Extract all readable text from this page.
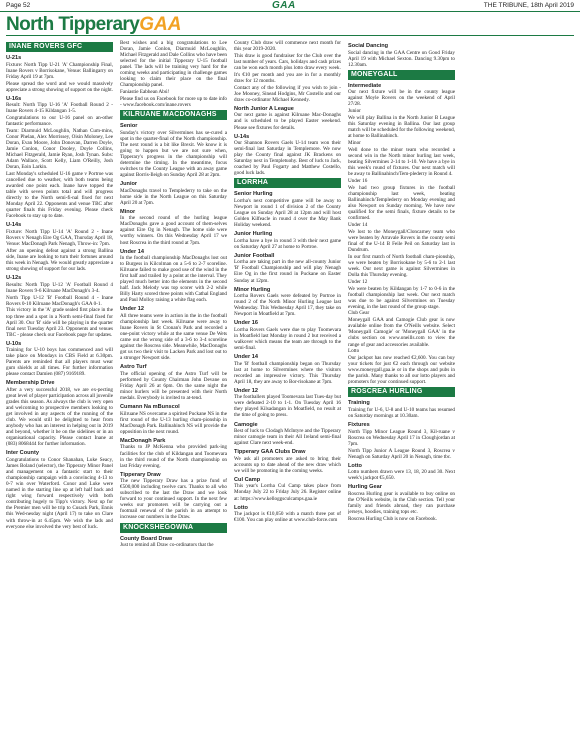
Page 52	GAA	THE TRIBUNE, 18th April 2019
North TipperaryGAA
INANE ROVERS GFC
U-21s

Fixture: North Tipp U-21 'A' Championship Final, Inane Rovers v Borrisokane, Venue: Ballingarry on Friday April 19 at 7pm.

Please spread the word and we would massively appreciate a strong showing of support on the night.

U-16s

Result: North Tipp U-16 'A' Football Round 2 - Inane Rovers 4-15 Kildangan 1-5.

Congratulations to our U-16 panel on an-other fantastic performance.

Team: Diarmuid McLoughlin, Nathan Cum-mins, Conor Phelan, Alex Morrissey, Oisin Moloney, Lee Doran, Evan Moore, John Donovan, Darren Doyle, Jamie Conlon, Conor Dooley, Doyle Collins, Michael Fitzgerald, Jamie Ryan, Josh Tynan. Subs: Adam Wallace, Scott Kelly, Liam O'Reilly, Josh Doran, Eoin Larkin.

Last Monday's scheduled U-16 game v Portroe was cancelled due to weather, with both teams being awarded one point each. Inane have topped the table with seven points total and will progress directly to the North semi-fi-nal fixed for next Monday April 22. Opponents and venue TBC after quarter finals this Friday evening. Please check Facebook to stay up to date.

U-14s

Fixture: North Tipp U-14 'A' Round 2 - Inane Rovers v Nenagh Eire Og GAA, Thursday April 18, Venue: MacDonagh Park Nenagh, Throw-in: 7pm.

After an opening defeat against a strong Ballina side, Inane are looking to turn their fortunes around this week in Nenagh. We would greatly appreciate a strong showing of support for our lads.

U-12s

Results: North Tipp U-12 'A' Football Round 4 Inane Rovers 9-6 Kilruane MacDonagh's 3-4.

North Tipp U-12 'B' Football Round 4 - Inane Rovers 0-10 Kilruane MacDonagh's GAA 0-1.

This victory in the 'A' grade sealed first place in the top three and a spot in a North semi-final fixed for April 30. Our 'B' side will be playing in the quarter final next Tuesday April 23. Opponents and venues TBC - please check our Facebook page for updates.

U-10s

Training for U-10 boys has commenced and will take place on Mondays in CBS Field at 6.30pm. Parents are reminded that all players must wear gum shields at all times. For further information please contact Damien (087) 9169189.

Membership Drive

After a very successful 2018, we are ex-pecting great level of player participation across all juvenile grades this season. As always the club is very open and welcoming to prospective members looking to get involved in any aspects of the running of the club. We would still be delighted to hear from anybody who has an interest in helping out in 2019 and beyond, whether it be on the sidelines or in an organisational capacity. Please contact Inane at (083) 8068444 for further information.

Inter County

Congratulations to Conor Shanahan, Luke Seacy, James Boland (selector), the Tipperary Minor Panel and management on a fantastic start to their championship campaign with a convincing 4-13 to 0-7 win over Waterford. Conor and Luke were named in the starting line up at left half back and right wing forward respectively with both contributing hugely to Tipp's victory. Next up for the Premier men will be trip to Cusack Park, Ennis this Wed-nesday night (April 17) to take on Clare with throw-in at 6.45pm. We wish the lads and everyone else involved the very best of luck.

Best wishes and a big congratulations to Lee Doran, Jamie Conlon, Diarmuid McLoughlin, Michael Fitzgerald and Dale Collins who have been selected for the initial Tipperary U-15 football panel. The lads will be training very hard for the coming weeks and participating in challenge games looking to claim their place on the final Championship panel.

Faniastie Eabhean Abú!

Please find us on Facebook for more up to date info - www.facebook.com/inane.rovers

KILRUANE MACDONAGHS
Senior

Sunday's victory over Silvermines has se-cured a spot in the quarter-final of the North championship. The next round is a bit like Brexit. We know it is going to happen but we are not sure when, Tipperary's progress in the championship will determine the timing. In the meantime, focus switches to the County League with an away game against Borris-Ileigh on Sunday April 28 at 2pm.

Junior

MacDonaghs travel to Templederry to take on the home side in the North League on this Saturday April 20 at 7pm.

Minor

In the second round of the hurling league MacDonaghs gave a good account of them-selves against Eire Og in Nenagh. The home side were worthy winners. On this Wednesday April 17 we host Roscrea in the third round at 7pm.

Under 14

In the football championship MacDonaghs lost out to Burgess in Kilcolman on a 5-6 to 2-7 scoreline. Kilruane failed to make good use of the wind in the first half and trailed by a point at the interval. They played much better into the elements in the second half. Jack Melody was top scorer with 2-2 while Billy Harty scored three points with Cathal England and Paul Molloy raising a white flag each.

Under 12

All three teams were in action in the in the football championship last week. Kilruane were away to Inane Rovers in St Cronan's Park and recorded a one-point victory while at the same venue De Wets came out the wrong side of a 3-6 to 3-4 scoreline against the Roscrea side. Meanwhile, MacDonaghs got us two their visit to Lacken Park and lost out to a stronger Newport side.

Astro Turf

The official opening of the Astro Turf will be performed by County Chairman John Devane on Friday April 26 at 6pm. On the same night the minor hurlers will be presented with their North medals. Everybody is invited to at-tend.

Cumann Na mBunscol

Kilruane NS overcame a spirited Puckane NS in the first round of the U-13 hurling cham-pionship in MacDonagh Park. Ballinahinch NS will provide the opposition in the next round.

MacDonagh Park

Thanks to JP McKenna who provided park-ing facilities for the club of Kildangan and Toomevara in the third round of the North championship on last Friday evening.

Tipperary Draw

The new Tipperary Draw has a prize fund of €500,000 including twelve cars. Thanks to all who subscribed to the last the Draw and we look forward to your continued support. In the next few weeks our promoters will be carrying out a footmail renewal of the parish in an attempt to increase our numbers in the Draw.

KNOCKSHEGOWNA
County Board Draw

Just to remind all Draw co-ordinators that the

County Club draw will commence next month for this year 2019-2020.

This draw is good fundraiser for the Club over the last number of years. Cars, holidays and cash prizes can be won each month plus lotto draw every week.

It's €10 per month and you are in for a monthly draw for 12 months.

Contact any of the following if you wish to join - Joe Mooney, Sinead Hodgins, Mr Costello and our draw co-ordinator Michael Kennedy.

North Junior A League

Our next game is against Kilruane Mac-Donaghs and is scheduled to be played Easter weekend. Please see fixtures for details.

U-14s

Our Shannon Rovers Gaels U-14 team won their semi-final last Saturday in Templemore. We now play the County final against JK Brackens on Saturday next in Templetuohy. Best of luck to Jack, coached by Paul Fogarty and Matthew Costello, good luck lads.

LORRHA
Senior Hurling

Lorrha's next competitive game will be away to Newport in round 1 of division 2 of the County League on Sunday April 28 at 12pm and will host Golden Kilfeacle in round 4 over the May Bank Holiday weekend.

Junior Hurling

Lorrha have a bye in round 3 with their next game on Saturday April 27 at home to Portroe.

Junior Football

Lorrha are taking part in the new all-county Junior 'B' Football Championship and will play Nenagh Eire Og in the first round in Puckane on Easter Sunday at 12pm.

Minor Hurling

Lorrha Rovers Gaels were defeated by Portroe in round 2 of the North Minor Hurling League last Wednesday. This Wednesday April 17, they take on Newport in Moatfield at 7pm.

Under 16

Lorrha Rovers Gaels were due to play Toomevara in Moatfield last Monday in round 2 but received a walkover which means the team are through to the semi-final.

Under 14

The 'B' football championship began on Thursday last at home to Silvermines where the visitors recorded an impressive victory. This Thursday April 18, they are away to Bor-risokane at 7pm.

Under 12

The footballers played Toomevara last Tues-day but were defeated 2-10 to 1-1. On Tuesday April 16 they played Kilsadangan in Moatfield, no result at the time of going to press.

Camogie

Best of luck to Clodagh McIntyre and the Tipperary minor camogie team in their All Ireland semi-final against Clare next week-end.

Tipperary GAA Clubs Draw

We ask all promoters are asked to bring their accounts up to date ahead of the new draw which we will be promoting in the coming weeks.

Cul Camp

This year's Lorrha Cul Camp takes place from Monday July 22 to Friday July 26. Register online at: https://www.kelloggsculcamps.gaa.ie

Lotto

The jackpot is €10,050 with a match three pot of €100. You can play online at www.club-force.com

Social Dancing

Social dancing in the GAA Centre on Good Friday April 19 with Michael Sexton. Dancing 9.30pm to 12.30am.

MONEYGALL
Intermediate

Our next fixture will be in the county league against Moyle Rovers on the weekend of April 27/28.

Junior

We will play Ballina in the North Junior B League this Saturday evening in Ballina. Our last group match will be scheduled for the following weekend, at home to Ballinahinch.

Minor

Well done to the minor team who recorded a second win in the North minor hurling last week, beating Silvermines 2-14 to 1-10. We have a bye in this week's round of fixtures. Our next match will be away to Ballinahinch/Tem-plederry in Round 4.

Under 16

We had two group fixtures in the football championship last week, beating Ballinahinch/Templederry on Monday evening and also Newport on Sunday morning. We have now qualified for the semi finals, fixture details to be confirmed.

Under 14

We lost to the Moneygall/Cloncarney team who were beaten by Arravale Rovers in the county semi final of the U-14 B Feile Peil on Saturday last in Dundrum.

In our first match of North football cham-pionship, we were beaten by Borrisokane by 5-6 to 2-1 last week. Our next game is against Silvermines in Dolla this Thursday evening.

Under 12

We were beaten by Kildangan by 1-7 to 0-6 in the football championship last week. Our next match was due to be against Silvermines on Tuesday evening, in the last round of the group stage.

Club Gear

Moneygall GAA and Camogie Club gear is now available online from the O'Neills website. Select 'Moneygall Camogie' or 'Moneygall GAA' in the clubs section on www.oneills.com to view the range of gear and accessories available.

Lotto

Our jackpot has now reached €2,600. You can buy your tickets for just €2 each through our website www.moneygall.gaa.ie or in the shops and pubs in the parish. Many thanks to all our lotto players and promoters for your continued support.

ROSCREA HURLING
Training

Training for U-6, U-8 and U-10 teams has resumed on Saturday mornings at 10.30am.

Fixtures

North Tipp Minor League Round 3, Kil-ruane v Roscrea on Wednesday April 17 in Cloughjordan at 7pm.

North Tipp Junior A League Round 3, Roscrea v Nenagh on Saturday April 20 in Nenagh, time tbc.

Lotto

Lotto numbers drawn were 13, 18, 20 and 30. Next week's jackpot €5,650.

Hurling Gear

Roscrea Hurling gear is available to buy online on the O'Neills website, in the Club section. Tell your family and friends abroad, they can purchase jerseys, hoodies, training tops etc.

Roscrea Hurling Club is now on Facebook.
